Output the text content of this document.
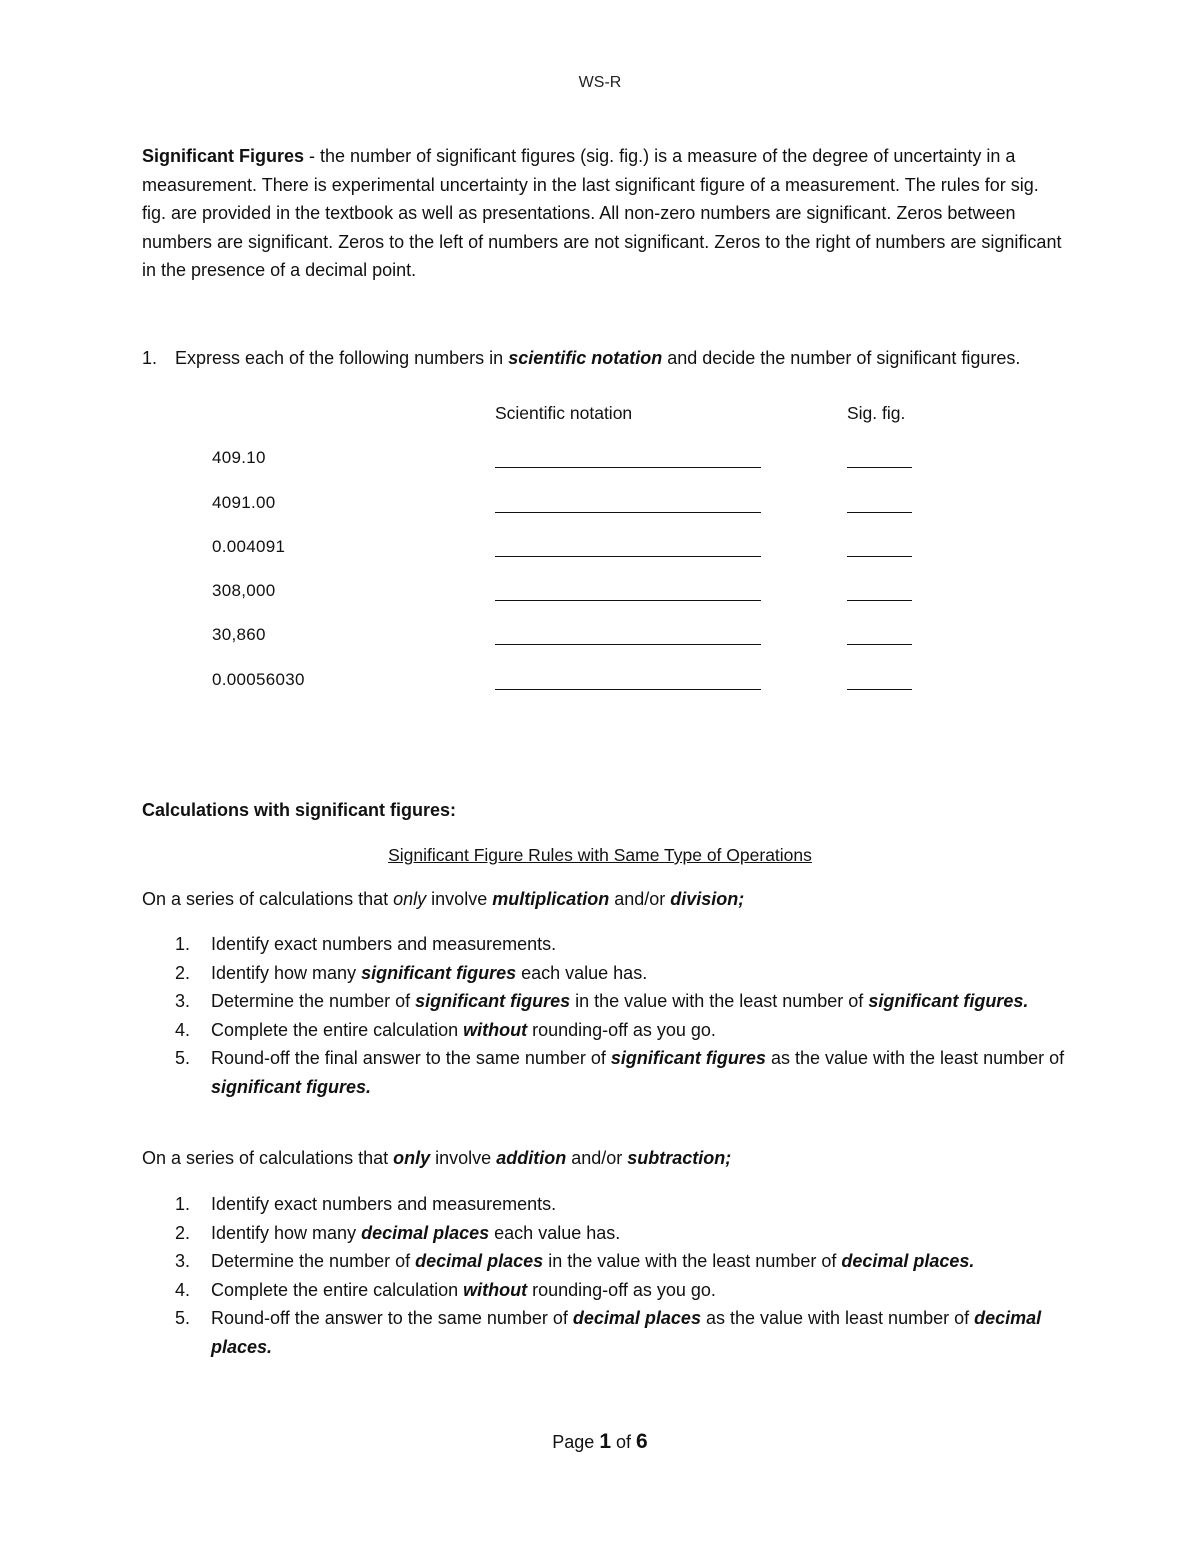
WS-R
Significant Figures - the number of significant figures (sig. fig.) is a measure of the degree of uncertainty in a measurement. There is experimental uncertainty in the last significant figure of a measurement. The rules for sig. fig. are provided in the textbook as well as presentations. All non-zero numbers are significant. Zeros between numbers are significant. Zeros to the left of numbers are not significant. Zeros to the right of numbers are significant in the presence of a decimal point.
1. Express each of the following numbers in scientific notation and decide the number of significant figures.
Scientific notation	Sig. fig.
409.10
4091.00
0.004091
308,000
30,860
0.00056030
Calculations with significant figures:
Significant Figure Rules with Same Type of Operations
On a series of calculations that only involve multiplication and/or division;
1. Identify exact numbers and measurements.
2. Identify how many significant figures each value has.
3. Determine the number of significant figures in the value with the least number of significant figures.
4. Complete the entire calculation without rounding-off as you go.
5. Round-off the final answer to the same number of significant figures as the value with the least number of significant figures.
On a series of calculations that only involve addition and/or subtraction;
1. Identify exact numbers and measurements.
2. Identify how many decimal places each value has.
3. Determine the number of decimal places in the value with the least number of decimal places.
4. Complete the entire calculation without rounding-off as you go.
5. Round-off the answer to the same number of decimal places as the value with least number of decimal places.
Page 1 of 6
